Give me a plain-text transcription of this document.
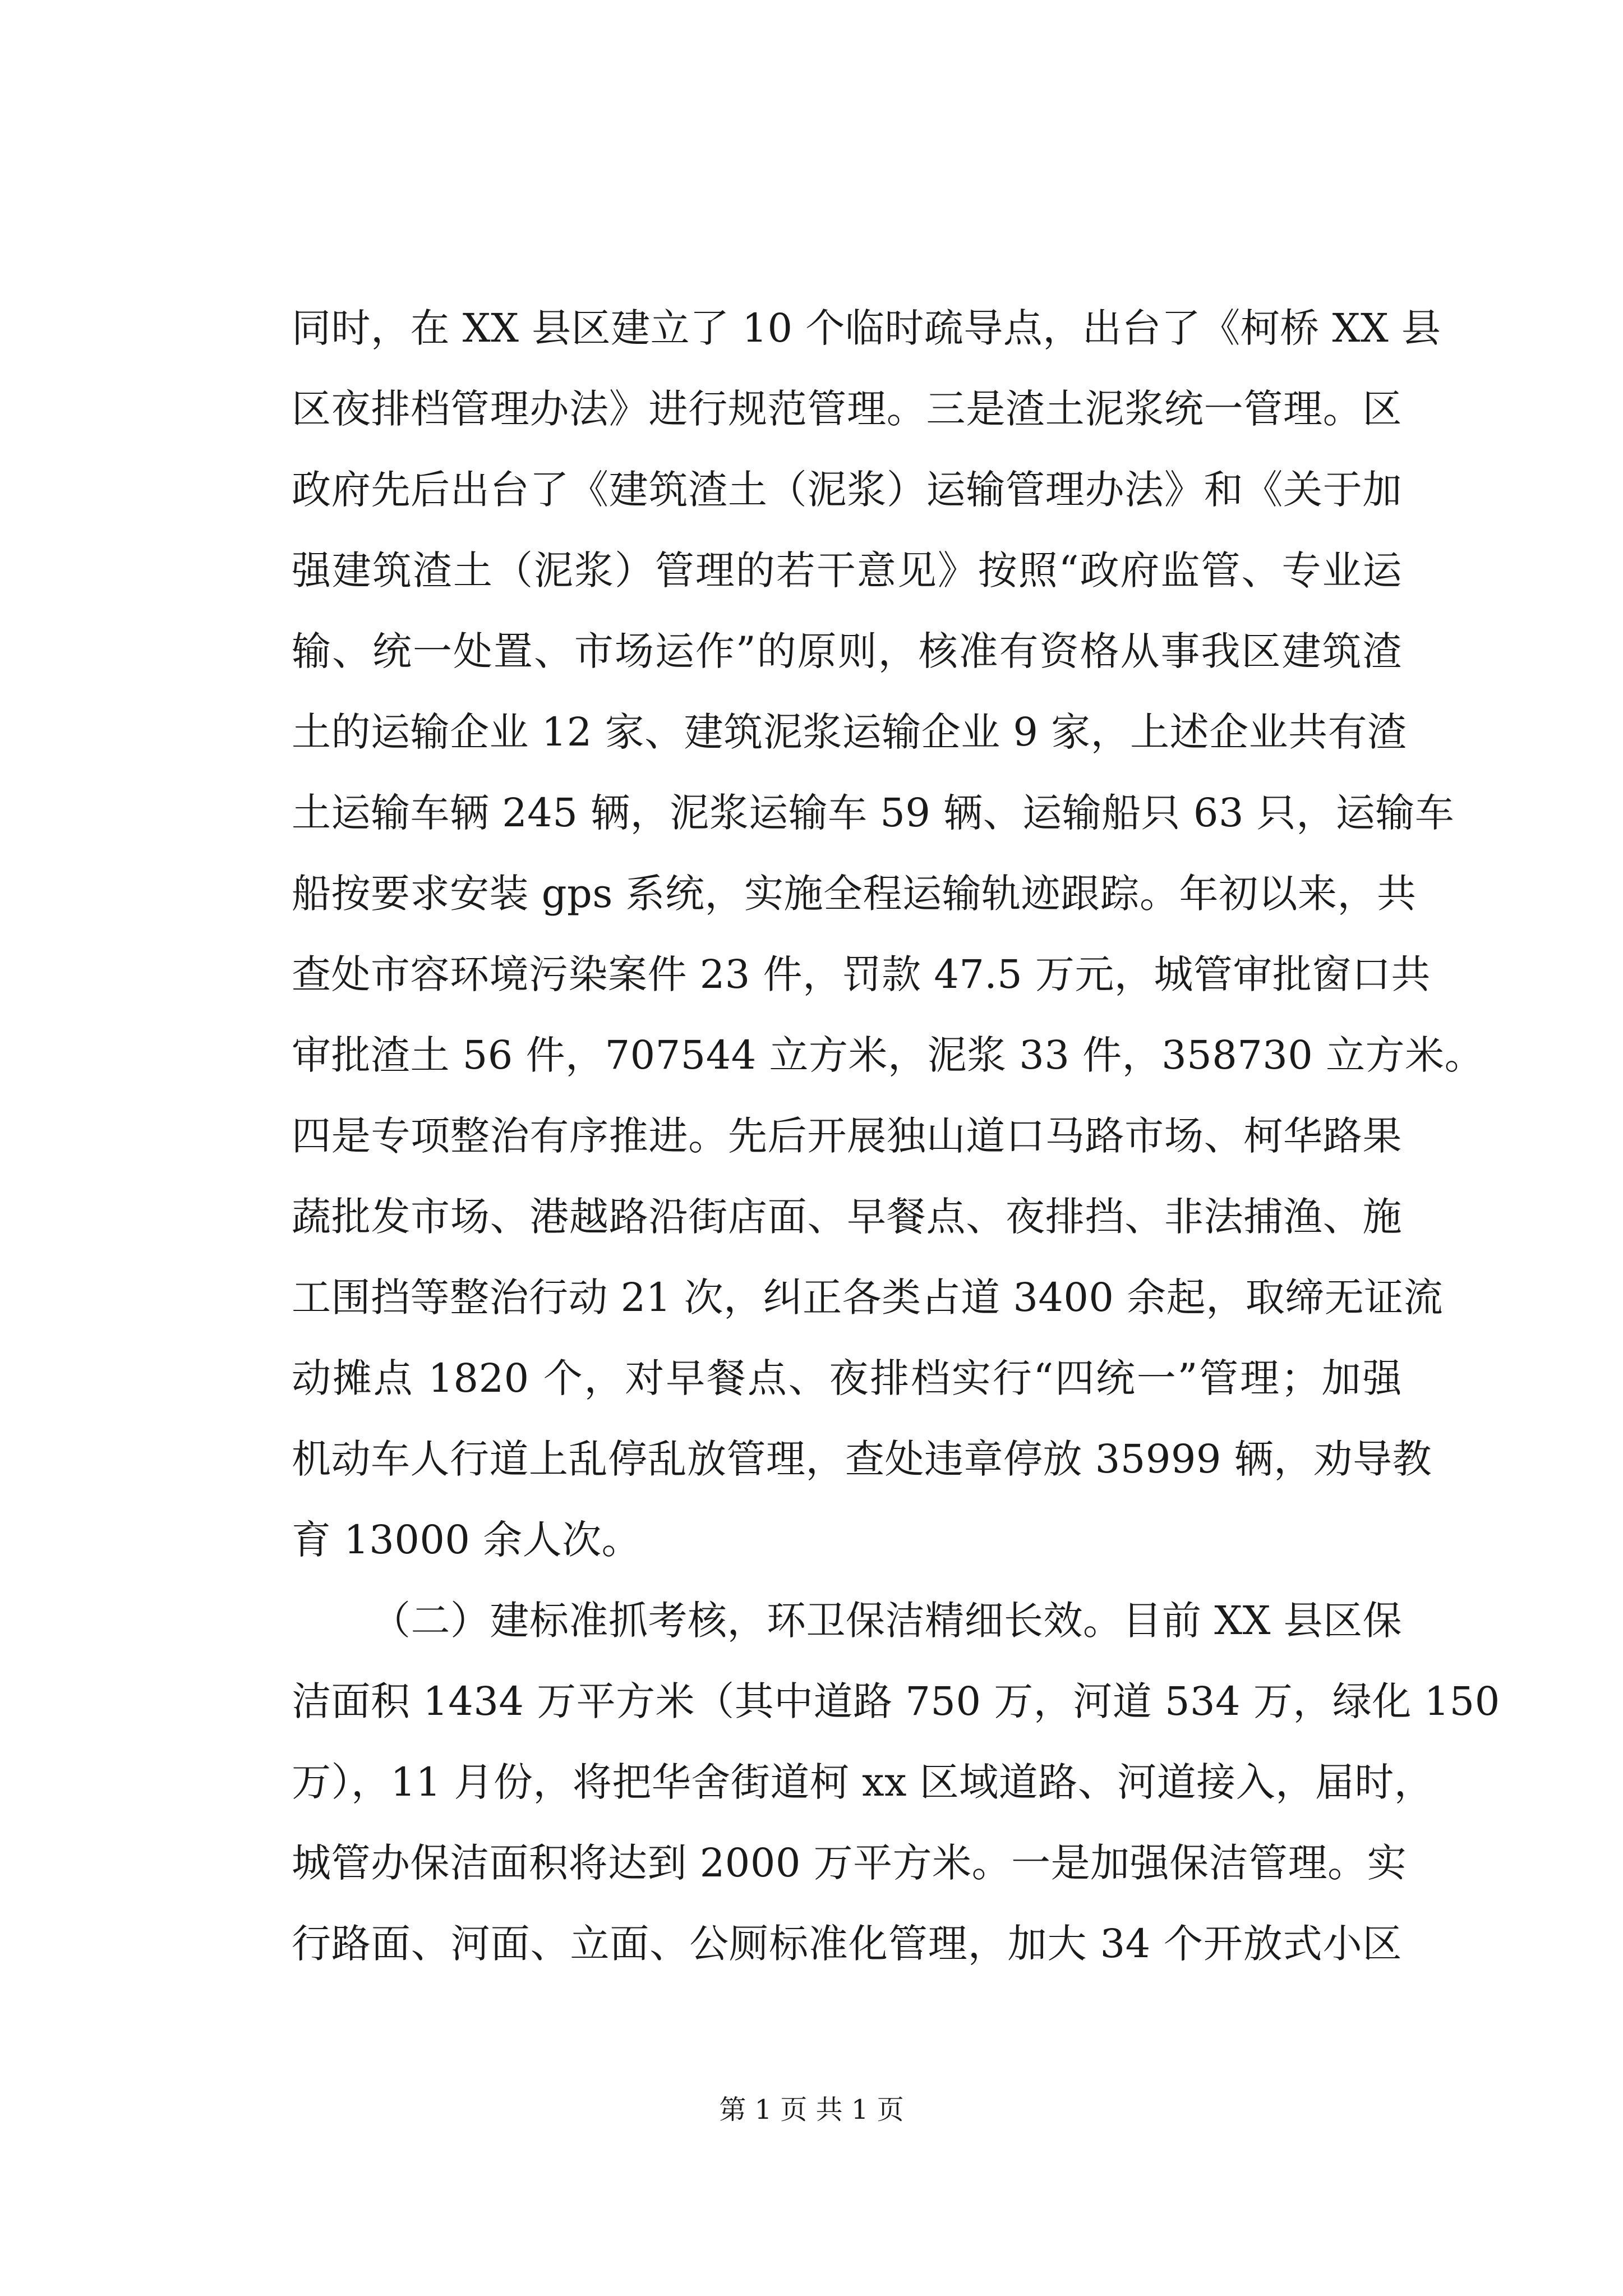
同时，在 XX 县区建立了 10 个临时疏导点，出台了《柯桥 XX 县
区夜排档管理办法》进行规范管理。三是渣土泥浆统一管理。区
政府先后出台了《建筑渣土（泥浆）运输管理办法》和《关于加
强建筑渣土（泥浆）管理的若干意见》按照“政府监管、专业运
输、统一处置、市场运作”的原则，核准有资格从事我区建筑渣
土的运输企业 12 家、建筑泥浆运输企业 9 家，上述企业共有渣
土运输车辆 245 辆，泥浆运输车 59 辆、运输船只 63 只，运输车
船按要求安装 gps 系统，实施全程运输轨迹跟踪。年初以来，共
查处市容环境污染案件 23 件，罚款 47.5 万元，城管审批窗口共
审批渣土 56 件，707544 立方米，泥浆 33 件，358730 立方米。
四是专项整治有序推进。先后开展独山道口马路市场、柯华路果
蔬批发市场、港越路沿街店面、早餐点、夜排挡、非法捕渔、施
工围挡等整治行动 21 次，纠正各类占道 3400 余起，取缔无证流
动摊点 1820 个，对早餐点、夜排档实行“四统一”管理；加强
机动车人行道上乱停乱放管理，查处违章停放 35999 辆，劝导教
育 13000 余人次。
（二）建标准抓考核，环卫保洁精细长效。目前 XX 县区保
洁面积 1434 万平方米（其中道路 750 万，河道 534 万，绿化 150
万），11 月份，将把华舍街道柯 xx 区域道路、河道接入，届时，
城管办保洁面积将达到 2000 万平方米。一是加强保洁管理。实
行路面、河面、立面、公厕标准化管理，加大 34 个开放式小区
第 1 页 共 1 页
